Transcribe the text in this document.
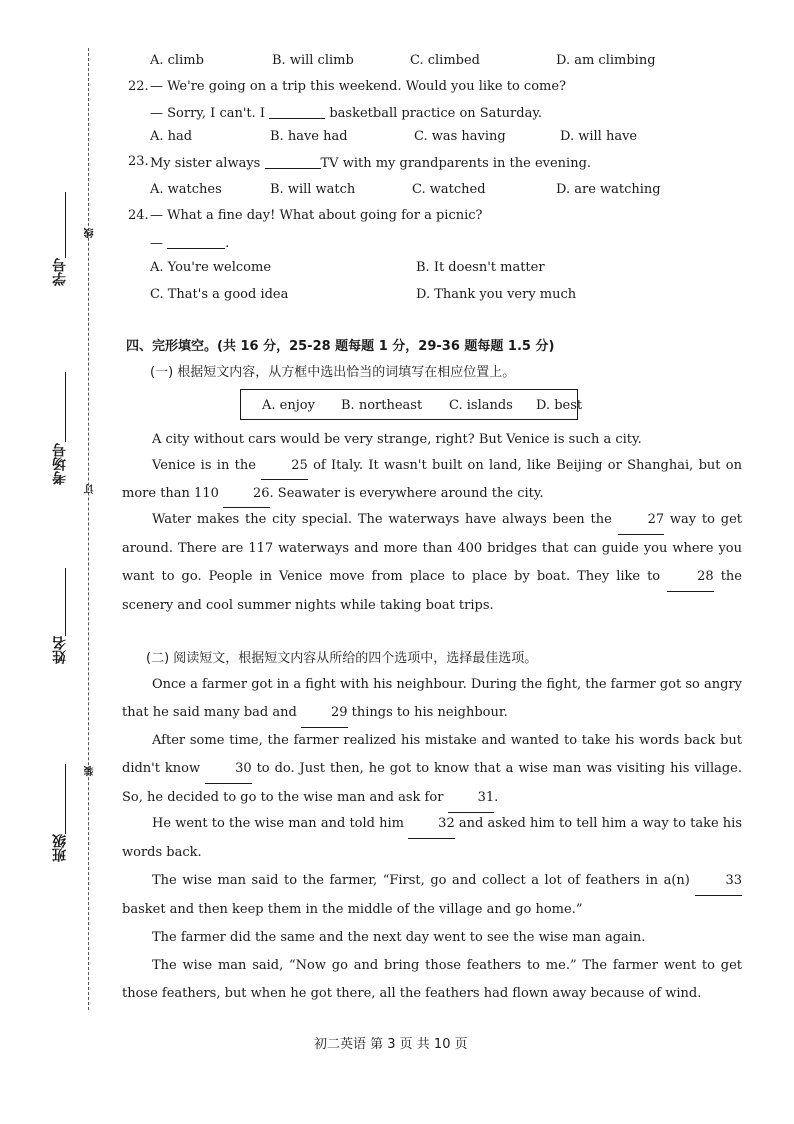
线
订
装
学号
考场号
姓名
班级
A. climb	B. will climb	C. climbed	D. am climbing
22. — We're going on a trip this weekend. Would you like to come?
— Sorry, I can't. I	basketball practice on Saturday.
A. had	B. have had	C. was having	D. will have
23. My sister always	TV with my grandparents in the evening.
A. watches	B. will watch	C. watched	D. are watching
24. — What a fine day! What about going for a picnic?
—	.
A. You're welcome	B. It doesn't matter
C. That's a good idea	D. Thank you very much
四、完形填空。(共 16 分，25-28 题每题 1 分，29-36 题每题 1.5 分)
(一) 根据短文内容，从方框中选出恰当的词填写在相应位置上。
A. enjoy B. northeast C. islands D. best
A city without cars would be very strange, right? But Venice is such a city.
Venice is in the	25 of Italy. It wasn't built on land, like Beijing or Shanghai, but on more than 110	26. Seawater is everywhere around the city.
Water makes the city special. The waterways have always been the	27 way to get around. There are 117 waterways and more than 400 bridges that can guide you where you want to go. People in Venice move from place to place by boat. They like to	28 the scenery and cool summer nights while taking boat trips.
(二) 阅读短文，根据短文内容从所给的四个选项中，选择最佳选项。
Once a farmer got in a fight with his neighbour. During the fight, the farmer got so angry that he said many bad and	29 things to his neighbour.
After some time, the farmer realized his mistake and wanted to take his words back but didn't know	30 to do. Just then, he got to know that a wise man was visiting his village. So, he decided to go to the wise man and ask for	31.
He went to the wise man and told him	32 and asked him to tell him a way to take his words back.
The wise man said to the farmer, “First, go and collect a lot of feathers in a(n)	33 basket and then keep them in the middle of the village and go home.”
The farmer did the same and the next day went to see the wise man again.
The wise man said, “Now go and bring those feathers to me.” The farmer went to get those feathers, but when he got there, all the feathers had flown away because of wind.
初二英语 第 3 页 共 10 页
